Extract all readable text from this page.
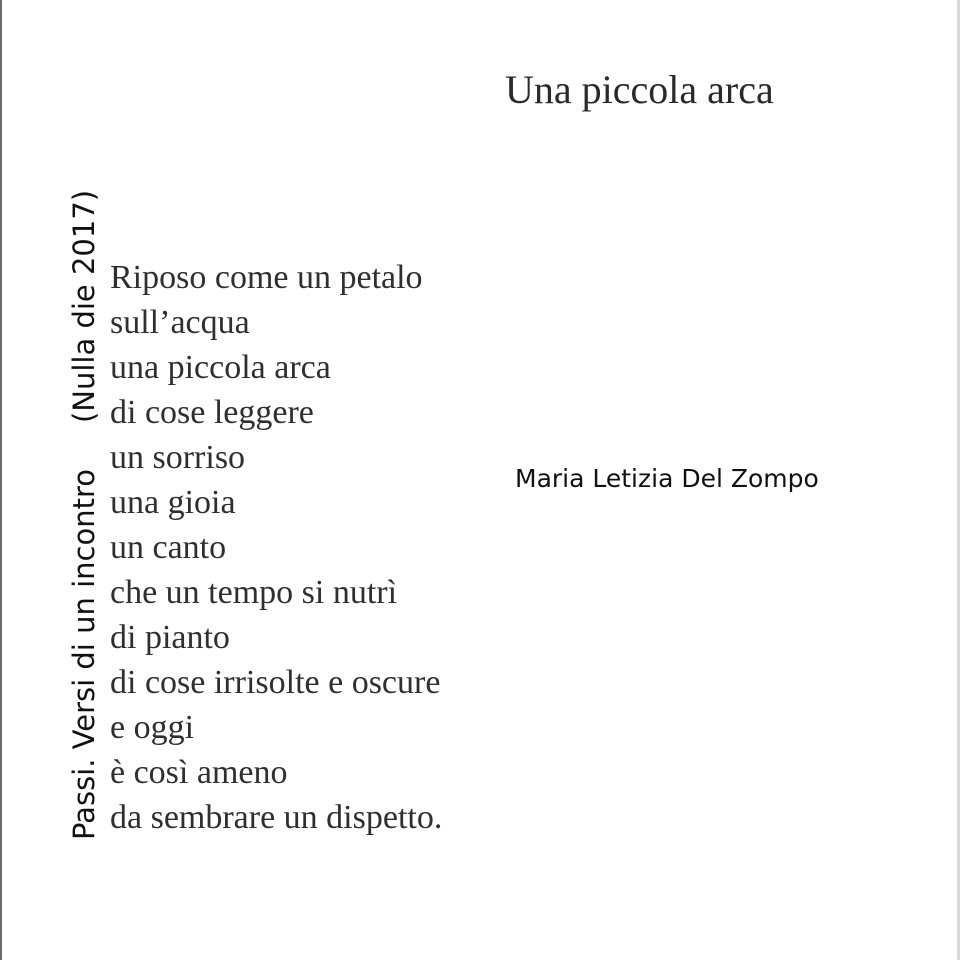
Una piccola arca
Passi. Versi di un incontro(Nulla die 2017) Riposo come un petalo
sull’acqua
una piccola arca
di cose leggere
un sorriso
una gioia
un canto
che un tempo si nutrì
di pianto
di cose irrisolte e oscure
e oggi
è così ameno
da sembrare un dispetto.
Maria Letizia Del Zompo
